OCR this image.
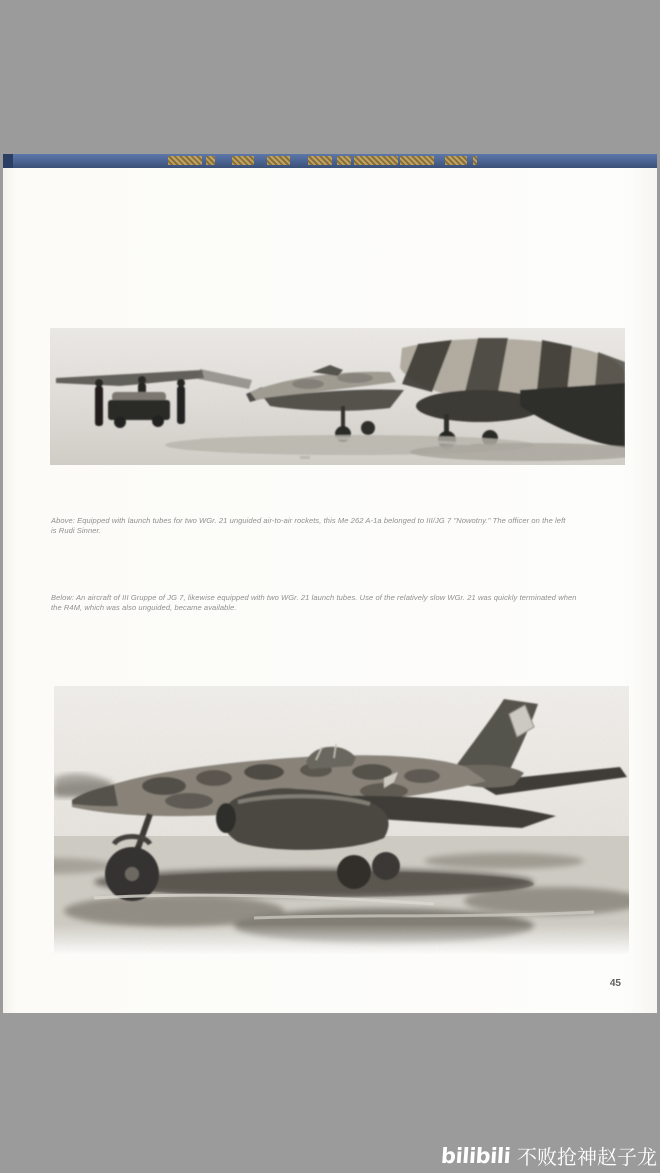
Above: Equipped with launch tubes for two WGr. 21 unguided air-to-air rockets, this Me 262 A-1a belonged to III/JG 7 "Nowotny." The officer on the left
is Rudi Sinner.
Below: An aircraft of III Gruppe of JG 7, likewise equipped with two WGr. 21 launch tubes. Use of the relatively slow WGr. 21 was quickly terminated when
the R4M, which was also unguided, became available.
45
bilibili 不败抢神赵子龙
